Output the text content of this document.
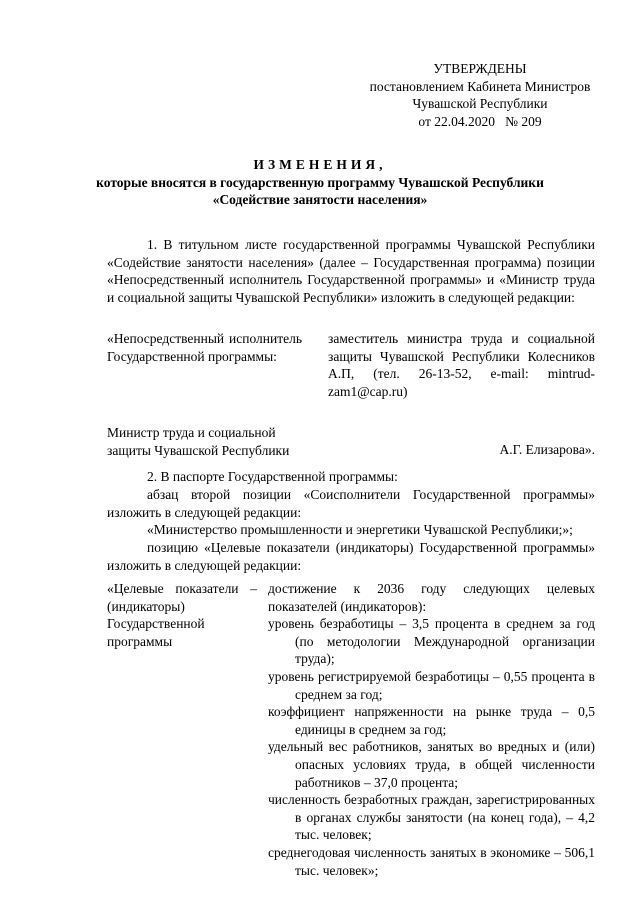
УТВЕРЖДЕНЫ
постановлением Кабинета Министров
Чувашской Республики
от 22.04.2020   № 209
ИЗМЕНЕНИЯ,
которые вносятся в государственную программу Чувашской Республики
«Содействие занятости населения»
1. В титульном листе государственной программы Чувашской Республики «Содействие занятости населения» (далее – Государственная программа) позиции «Непосредственный исполнитель Государственной программы» и «Министр труда и социальной защиты Чувашской Республики» изложить в следующей редакции:
«Непосредственный исполнитель Государственной программы:
заместитель министра труда и социальной защиты Чувашской Республики Колесников А.П, (тел. 26-13-52, e-mail: mintrud-zam1@cap.ru)
Министр труда и социальной защиты Чувашской Республики	А.Г. Елизарова».
2. В паспорте Государственной программы:
абзац второй позиции «Соисполнители Государственной программы» изложить в следующей редакции:
«Министерство промышленности и энергетики Чувашской Республики;»;
позицию «Целевые показатели (индикаторы) Государственной программы» изложить в следующей редакции:
«Целевые показатели – (индикаторы) Государственной программы
достижение к 2036 году следующих целевых показателей (индикаторов):
уровень безработицы – 3,5 процента в среднем за год (по методологии Международной организации труда);
уровень регистрируемой безработицы – 0,55 процента в среднем за год;
коэффициент напряженности на рынке труда – 0,5 единицы в среднем за год;
удельный вес работников, занятых во вредных и (или) опасных условиях труда, в общей численности работников – 37,0 процента;
численность безработных граждан, зарегистрированных в органах службы занятости (на конец года), – 4,2 тыс. человек;
среднегодовая численность занятых в экономике – 506,1 тыс. человек»;
